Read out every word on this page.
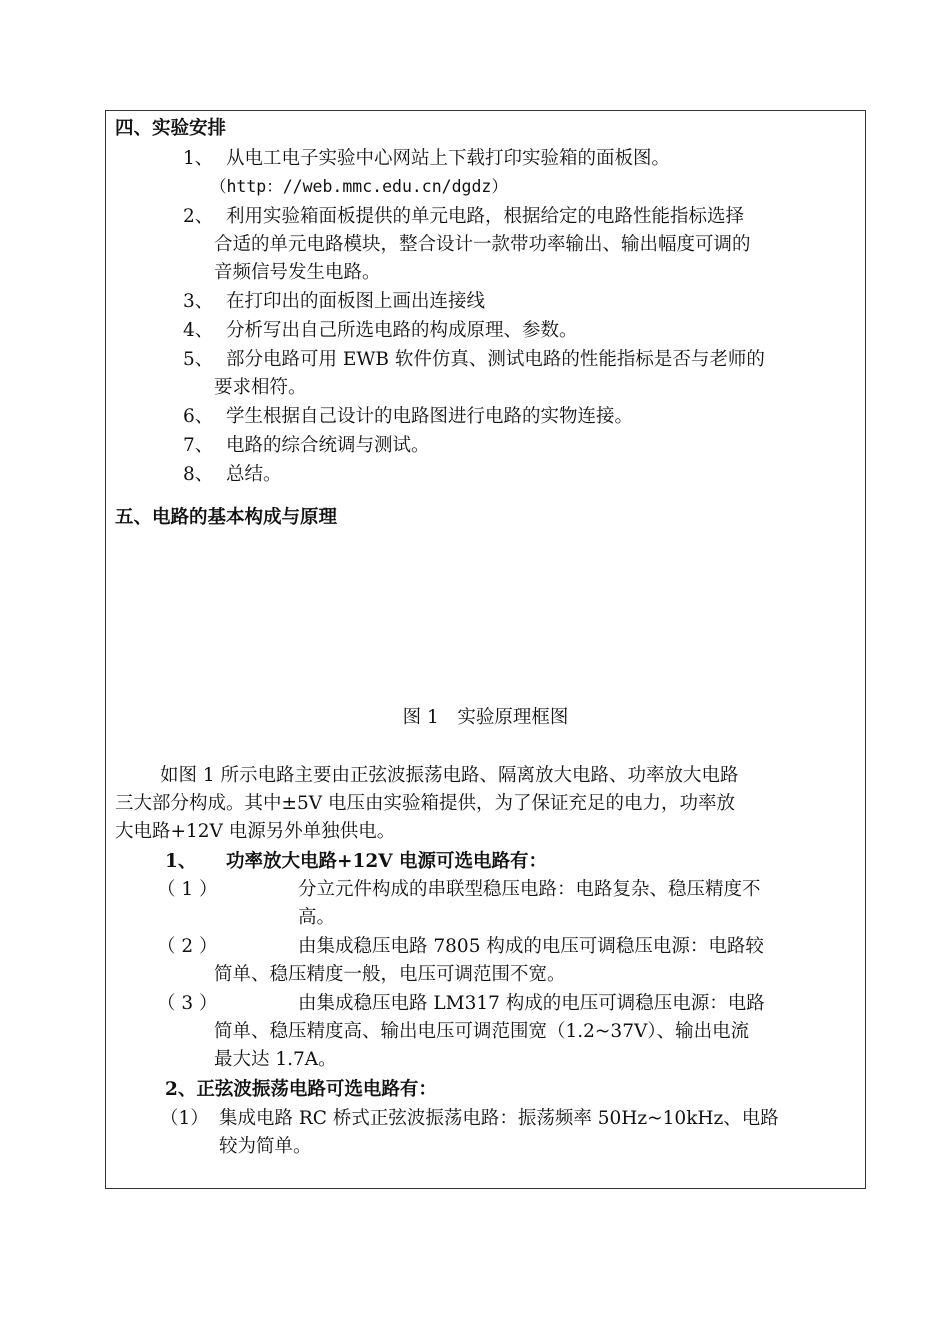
四、实验安排
1、 从电工电子实验中心网站上下载打印实验箱的面板图。
（http：//web.mmc.edu.cn/dgdz）
2、 利用实验箱面板提供的单元电路，根据给定的电路性能指标选择
合适的单元电路模块，整合设计一款带功率输出、输出幅度可调的
音频信号发生电路。
3、 在打印出的面板图上画出连接线
4、 分析写出自己所选电路的构成原理、参数。
5、 部分电路可用 EWB 软件仿真、测试电路的性能指标是否与老师的
要求相符。
6、 学生根据自己设计的电路图进行电路的实物连接。
7、 电路的综合统调与测试。
8、 总结。
五、电路的基本构成与原理
图 1　实验原理框图
如图 1 所示电路主要由正弦波振荡电路、隔离放大电路、功率放大电路
三大部分构成。其中±5V 电压由实验箱提供，为了保证充足的电力，功率放
大电路+12V 电源另外单独供电。
1、 功率放大电路+12V 电源可选电路有：
（ 1 ）	分立元件构成的串联型稳压电路：电路复杂、稳压精度不
高。
（ 2 ）	由集成稳压电路 7805 构成的电压可调稳压电源：电路较
简单、稳压精度一般，电压可调范围不宽。
（ 3 ）	由集成稳压电路 LM317 构成的电压可调稳压电源：电路
简单、稳压精度高、输出电压可调范围宽（1.2~37V）、输出电流
最大达 1.7A。
2、正弦波振荡电路可选电路有：
（1） 集成电路 RC 桥式正弦波振荡电路：振荡频率 50Hz~10kHz、电路
较为简单。
